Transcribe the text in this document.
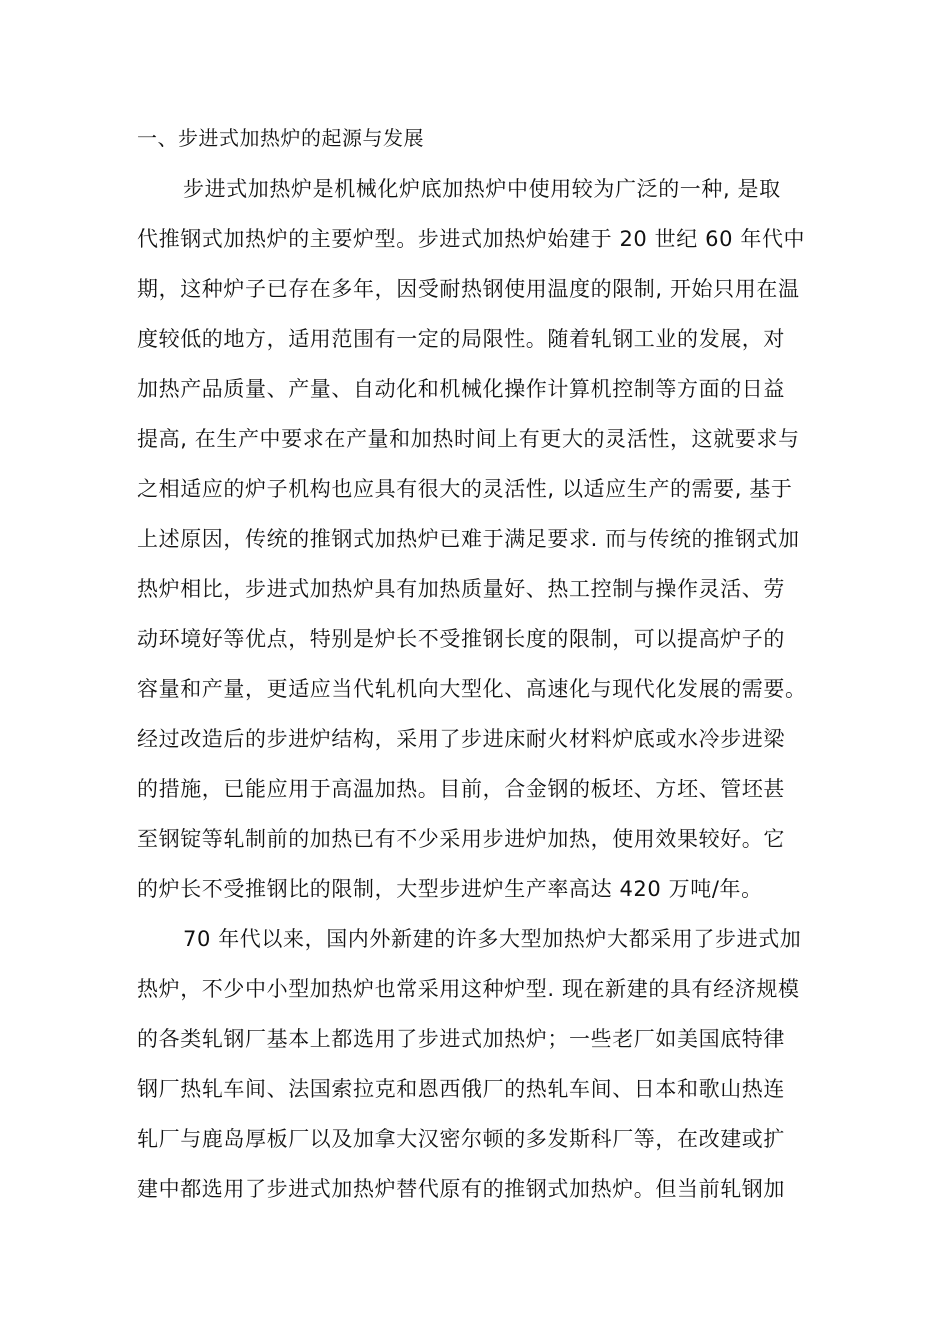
一、步进式加热炉的起源与发展
步进式加热炉是机械化炉底加热炉中使用较为广泛的一种, 是取
代推钢式加热炉的主要炉型。步进式加热炉始建于 20 世纪 60 年代中
期，这种炉子已存在多年，因受耐热钢使用温度的限制, 开始只用在温
度较低的地方，适用范围有一定的局限性。随着轧钢工业的发展，对
加热产品质量、产量、自动化和机械化操作计算机控制等方面的日益
提高, 在生产中要求在产量和加热时间上有更大的灵活性，这就要求与
之相适应的炉子机构也应具有很大的灵活性, 以适应生产的需要, 基于
上述原因，传统的推钢式加热炉已难于满足要求. 而与传统的推钢式加
热炉相比，步进式加热炉具有加热质量好、热工控制与操作灵活、劳
动环境好等优点，特别是炉长不受推钢长度的限制，可以提高炉子的
容量和产量，更适应当代轧机向大型化、高速化与现代化发展的需要。
经过改造后的步进炉结构，采用了步进床耐火材料炉底或水冷步进梁
的措施，已能应用于高温加热。目前，合金钢的板坯、方坯、管坯甚
至钢锭等轧制前的加热已有不少采用步进炉加热，使用效果较好。它
的炉长不受推钢比的限制，大型步进炉生产率高达 420 万吨/年。
70 年代以来，国内外新建的许多大型加热炉大都采用了步进式加
热炉，不少中小型加热炉也常采用这种炉型. 现在新建的具有经济规模
的各类轧钢厂基本上都选用了步进式加热炉；一些老厂如美国底特律
钢厂热轧车间、法国索拉克和恩西俄厂的热轧车间、日本和歌山热连
轧厂与鹿岛厚板厂以及加拿大汉密尔顿的多发斯科厂等，在改建或扩
建中都选用了步进式加热炉替代原有的推钢式加热炉。但当前轧钢加
